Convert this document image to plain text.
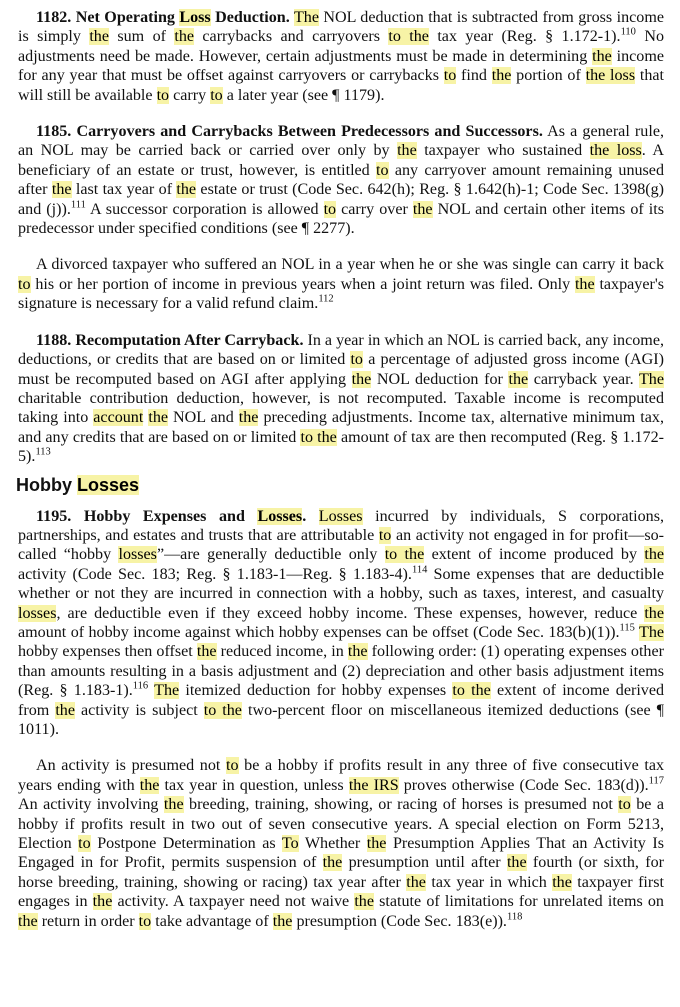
1182. Net Operating Loss Deduction. The NOL deduction that is subtracted from gross income is simply the sum of the carrybacks and carryovers to the tax year (Reg. § 1.172-1).$^{110}$ No adjustments need be made. However, certain adjustments must be made in determining the income for any year that must be offset against carryovers or carrybacks to find the portion of the loss that will still be available to carry to a later year (see ¶ 1179).

1185. Carryovers and Carrybacks Between Predecessors and Successors. As a general rule, an NOL may be carried back or carried over only by the taxpayer who sustained the loss. A beneficiary of an estate or trust, however, is entitled to any carryover amount remaining unused after the last tax year of the estate or trust (Code Sec. 642(h); Reg. § 1.642(h)-1; Code Sec. 1398(g) and (j)).$^{111}$ A successor corporation is allowed to carry over the NOL and certain other items of its predecessor under specified conditions (see ¶ 2277).

A divorced taxpayer who suffered an NOL in a year when he or she was single can carry it back to his or her portion of income in previous years when a joint return was filed. Only the taxpayer's signature is necessary for a valid refund claim.$^{112}$

1188. Recomputation After Carryback. In a year in which an NOL is carried back, any income, deductions, or credits that are based on or limited to a percentage of adjusted gross income (AGI) must be recomputed based on AGI after applying the NOL deduction for the carryback year. The charitable contribution deduction, however, is not recomputed. Taxable income is recomputed taking into account the NOL and the preceding adjustments. Income tax, alternative minimum tax, and any credits that are based on or limited to the amount of tax are then recomputed (Reg. § 1.172-5).$^{113}$

Hobby Losses

1195. Hobby Expenses and Losses. Losses incurred by individuals, S corporations, partnerships, and estates and trusts that are attributable to an activity not engaged in for profit—so-called “hobby losses”—are generally deductible only to the extent of income produced by the activity (Code Sec. 183; Reg. § 1.183-1—Reg. § 1.183-4).$^{114}$ Some expenses that are deductible whether or not they are incurred in connection with a hobby, such as taxes, interest, and casualty losses, are deductible even if they exceed hobby income. These expenses, however, reduce the amount of hobby income against which hobby expenses can be offset (Code Sec. 183(b)(1)).$^{115}$ The hobby expenses then offset the reduced income, in the following order: (1) operating expenses other than amounts resulting in a basis adjustment and (2) depreciation and other basis adjustment items (Reg. § 1.183-1).$^{116}$ The itemized deduction for hobby expenses to the extent of income derived from the activity is subject to the two-percent floor on miscellaneous itemized deductions (see ¶ 1011).

An activity is presumed not to be a hobby if profits result in any three of five consecutive tax years ending with the tax year in question, unless the IRS proves otherwise (Code Sec. 183(d)).$^{117}$ An activity involving the breeding, training, showing, or racing of horses is presumed not to be a hobby if profits result in two out of seven consecutive years. A special election on Form 5213, Election to Postpone Determination as To Whether the Presumption Applies That an Activity Is Engaged in for Profit, permits suspension of the presumption until after the fourth (or sixth, for horse breeding, training, showing or racing) tax year after the tax year in which the taxpayer first engages in the activity. A taxpayer need not waive the statute of limitations for unrelated items on the return in order to take advantage of the presumption (Code Sec. 183(e)).$^{118}$
